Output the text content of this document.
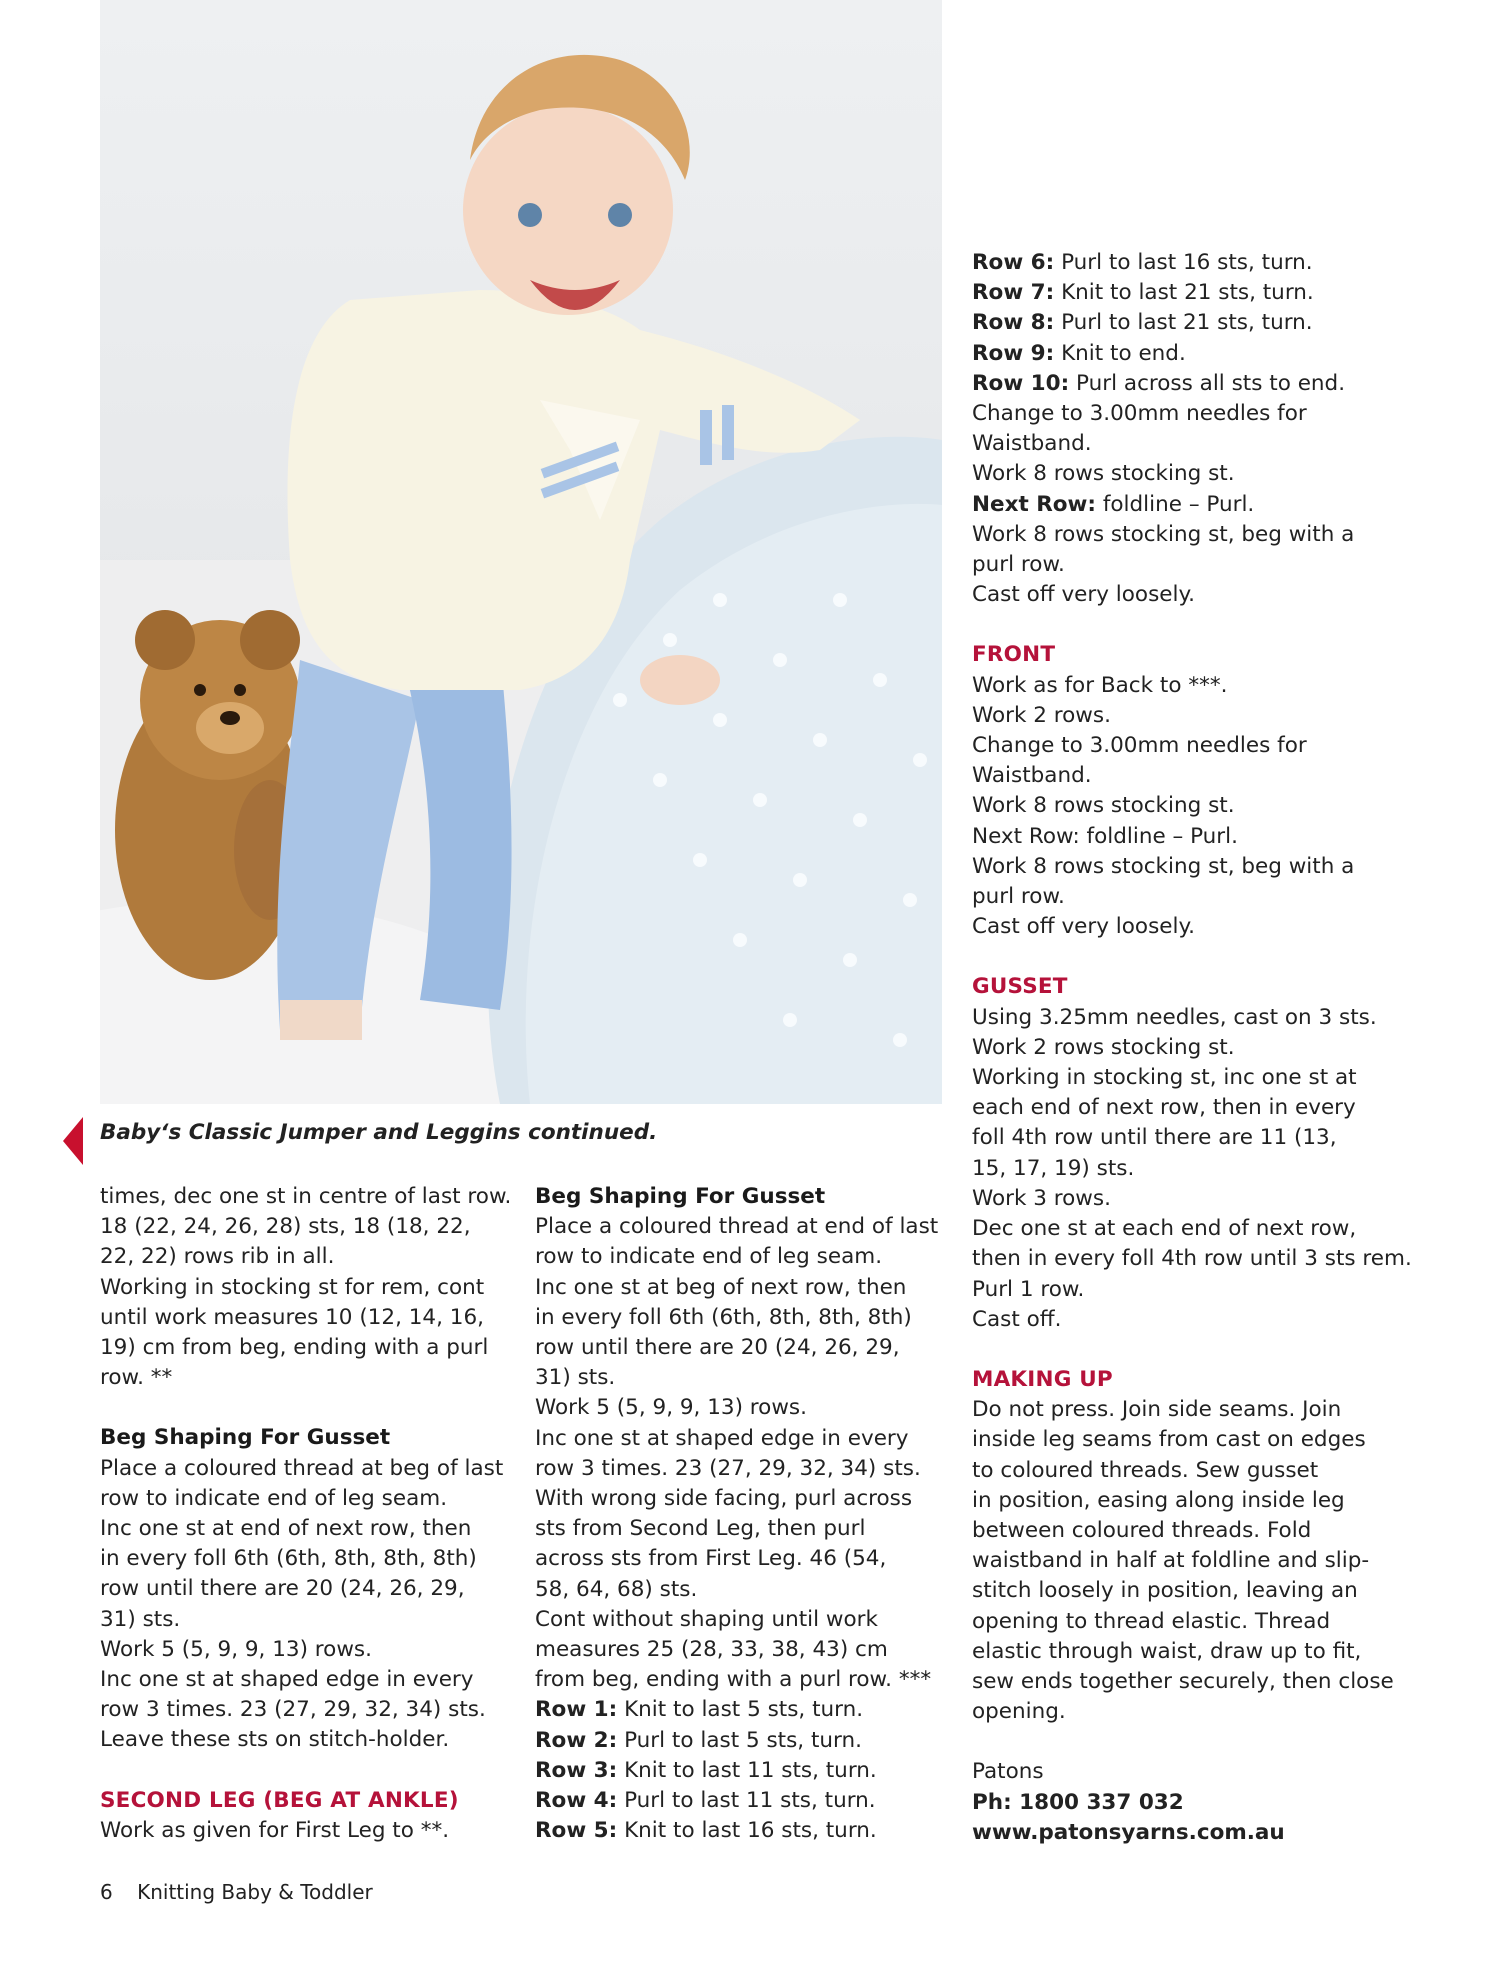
Baby‘s Classic Jumper and Leggins continued.

times, dec one st in centre of last row.
18 (22, 24, 26, 28) sts, 18 (18, 22,
22, 22) rows rib in all.
Working in stocking st for rem, cont
until work measures 10 (12, 14, 16,
19) cm from beg, ending with a purl
row. **

Beg Shaping For Gusset

Place a coloured thread at beg of last
row to indicate end of leg seam.
Inc one st at end of next row, then
in every foll 6th (6th, 8th, 8th, 8th)
row until there are 20 (24, 26, 29,
31) sts.
Work 5 (5, 9, 9, 13) rows.
Inc one st at shaped edge in every
row 3 times. 23 (27, 29, 32, 34) sts.
Leave these sts on stitch-holder.

SECOND LEG (BEG AT ANKLE)

Work as given for First Leg to **.

Beg Shaping For Gusset

Place a coloured thread at end of last
row to indicate end of leg seam.
Inc one st at beg of next row, then
in every foll 6th (6th, 8th, 8th, 8th)
row until there are 20 (24, 26, 29,
31) sts.
Work 5 (5, 9, 9, 13) rows.
Inc one st at shaped edge in every
row 3 times. 23 (27, 29, 32, 34) sts.
With wrong side facing, purl across
sts from Second Leg, then purl
across sts from First Leg. 46 (54,
58, 64, 68) sts.
Cont without shaping until work
measures 25 (28, 33, 38, 43) cm
from beg, ending with a purl row. ***

Row 1: Knit to last 5 sts, turn.

Row 2: Purl to last 5 sts, turn.

Row 3: Knit to last 11 sts, turn.

Row 4: Purl to last 11 sts, turn.

Row 5: Knit to last 16 sts, turn.

Row 6: Purl to last 16 sts, turn.

Row 7: Knit to last 21 sts, turn.

Row 8: Purl to last 21 sts, turn.

Row 9: Knit to end.

Row 10: Purl across all sts to end.

Change to 3.00mm needles for
Waistband.
Work 8 rows stocking st.

Next Row: foldline – Purl.

Work 8 rows stocking st, beg with a
purl row.
Cast off very loosely.

FRONT

Work as for Back to ***.
Work 2 rows.
Change to 3.00mm needles for
Waistband.
Work 8 rows stocking st.
Next Row: foldline – Purl.
Work 8 rows stocking st, beg with a
purl row.
Cast off very loosely.

GUSSET

Using 3.25mm needles, cast on 3 sts.
Work 2 rows stocking st.
Working in stocking st, inc one st at
each end of next row, then in every
foll 4th row until there are 11 (13,
15, 17, 19) sts.
Work 3 rows.
Dec one st at each end of next row,
then in every foll 4th row until 3 sts rem.
Purl 1 row.
Cast off.

MAKING UP

Do not press. Join side seams. Join
inside leg seams from cast on edges
to coloured threads. Sew gusset
in position, easing along inside leg
between coloured threads. Fold
waistband in half at foldline and slip-
stitch loosely in position, leaving an
opening to thread elastic. Thread
elastic through waist, draw up to fit,
sew ends together securely, then close
opening.

Patons

Ph: 1800 337 032

www.patonsyarns.com.au

6 Knitting Baby & Toddler
